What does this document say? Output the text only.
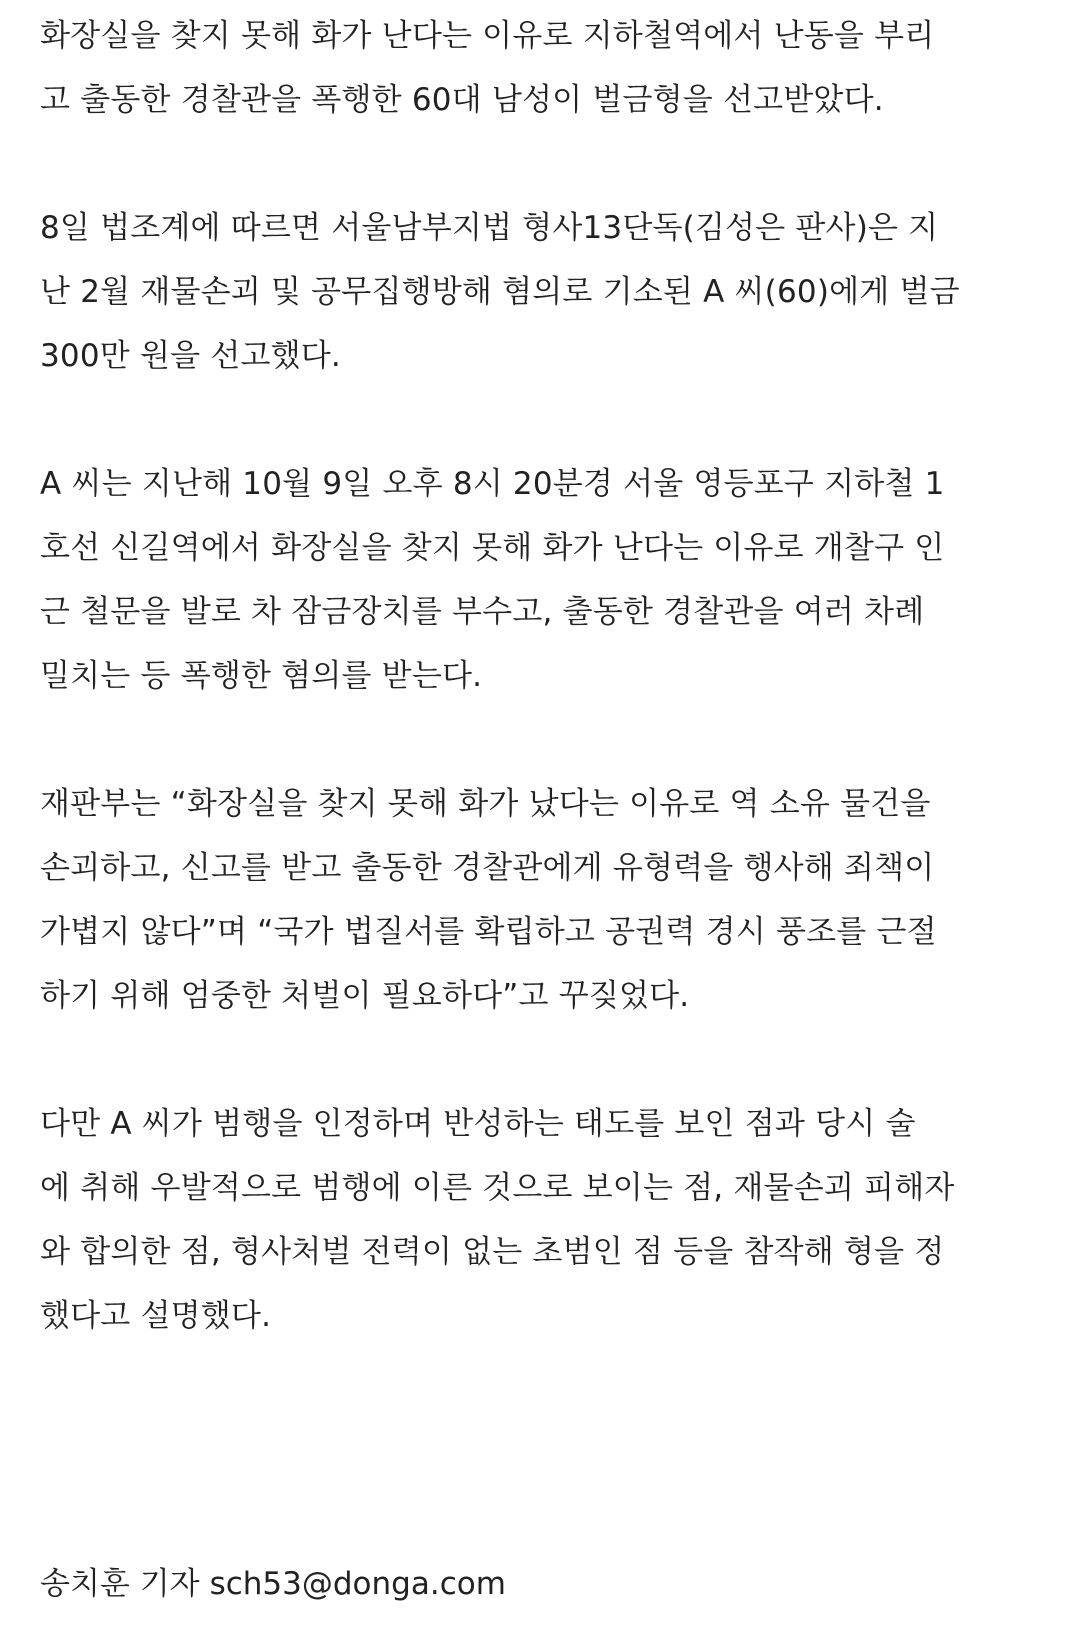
화장실을 찾지 못해 화가 난다는 이유로 지하철역에서 난동을 부리
고 출동한 경찰관을 폭행한 60대 남성이 벌금형을 선고받았다.
8일 법조계에 따르면 서울남부지법 형사13단독(김성은 판사)은 지
난 2월 재물손괴 및 공무집행방해 혐의로 기소된 A 씨(60)에게 벌금
300만 원을 선고했다.
A 씨는 지난해 10월 9일 오후 8시 20분경 서울 영등포구 지하철 1
호선 신길역에서 화장실을 찾지 못해 화가 난다는 이유로 개찰구 인
근 철문을 발로 차 잠금장치를 부수고, 출동한 경찰관을 여러 차례
밀치는 등 폭행한 혐의를 받는다.
재판부는 “화장실을 찾지 못해 화가 났다는 이유로 역 소유 물건을
손괴하고, 신고를 받고 출동한 경찰관에게 유형력을 행사해 죄책이
가볍지 않다”며 “국가 법질서를 확립하고 공권력 경시 풍조를 근절
하기 위해 엄중한 처벌이 필요하다”고 꾸짖었다.
다만 A 씨가 범행을 인정하며 반성하는 태도를 보인 점과 당시 술
에 취해 우발적으로 범행에 이른 것으로 보이는 점, 재물손괴 피해자
와 합의한 점, 형사처벌 전력이 없는 초범인 점 등을 참작해 형을 정
했다고 설명했다.
송치훈 기자 sch53@donga.com
